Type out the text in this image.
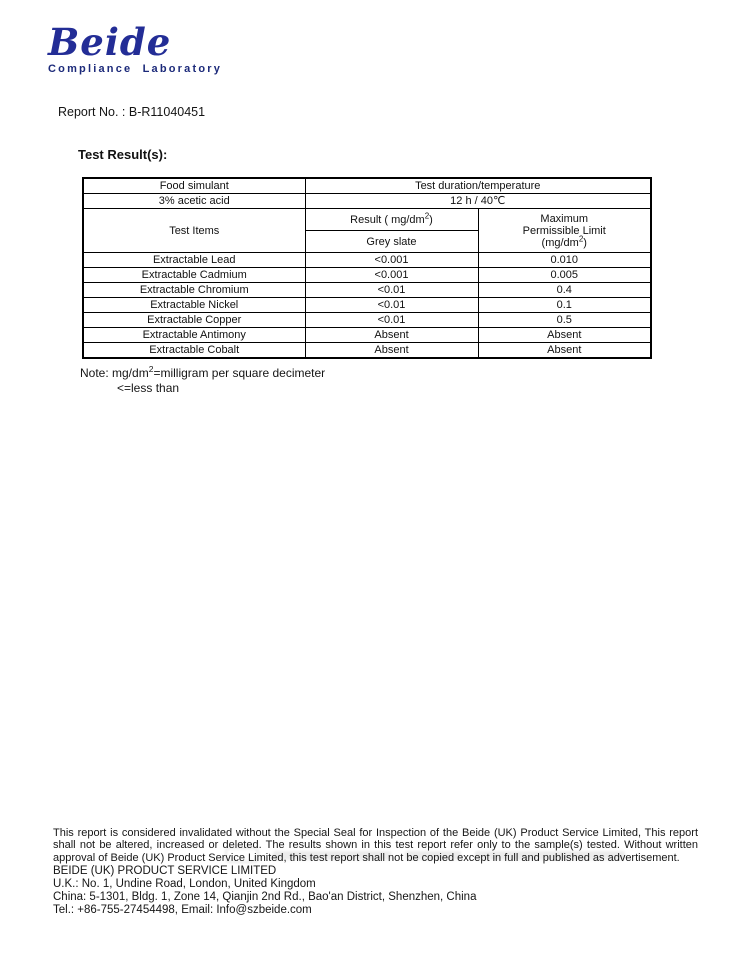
Beide
Compliance Laboratory
Report No. : B-R11040451
Test Result(s):
Food simulant	Test duration/temperature	
3% acetic acid	12 h / 40℃	
Test Items	Result ( $mg/dm^2$)	Maximum
Permissible Limit
$(mg/dm^2)$

	Grey slate	
Extractable Lead	<0.001	0.010
Extractable Cadmium	<0.001	0.005
Extractable Chromium	<0.01	0.4
Extractable Nickel	<0.01	0.1
Extractable Copper	<0.01	0.5
Extractable Antimony	Absent	Absent
Extractable Cobalt	Absent	Absent
Note: $mg/dm^2=milligram$ per square decimeter
<=less than
This report is considered invalidated without the Special Seal for Inspection of the Beide (UK) Product Service Limited, This report shall not be altered, increased or deleted. The results shown in this test report refer only to the sample(s) tested. Without written approval of Beide (UK) Product Service Limited, this test report shall not be copied except in full and published as advertisement.
BEIDE (UK) PRODUCT SERVICE LIMITED
U.K.: No. 1, Undine Road, London, United Kingdom
China: 5-1301, Bldg. 1, Zone 14, Qianjin 2nd Rd., Bao'an District, Shenzhen, China
Tel.: +86-755-27454498, Email: Info@szbeide.com
